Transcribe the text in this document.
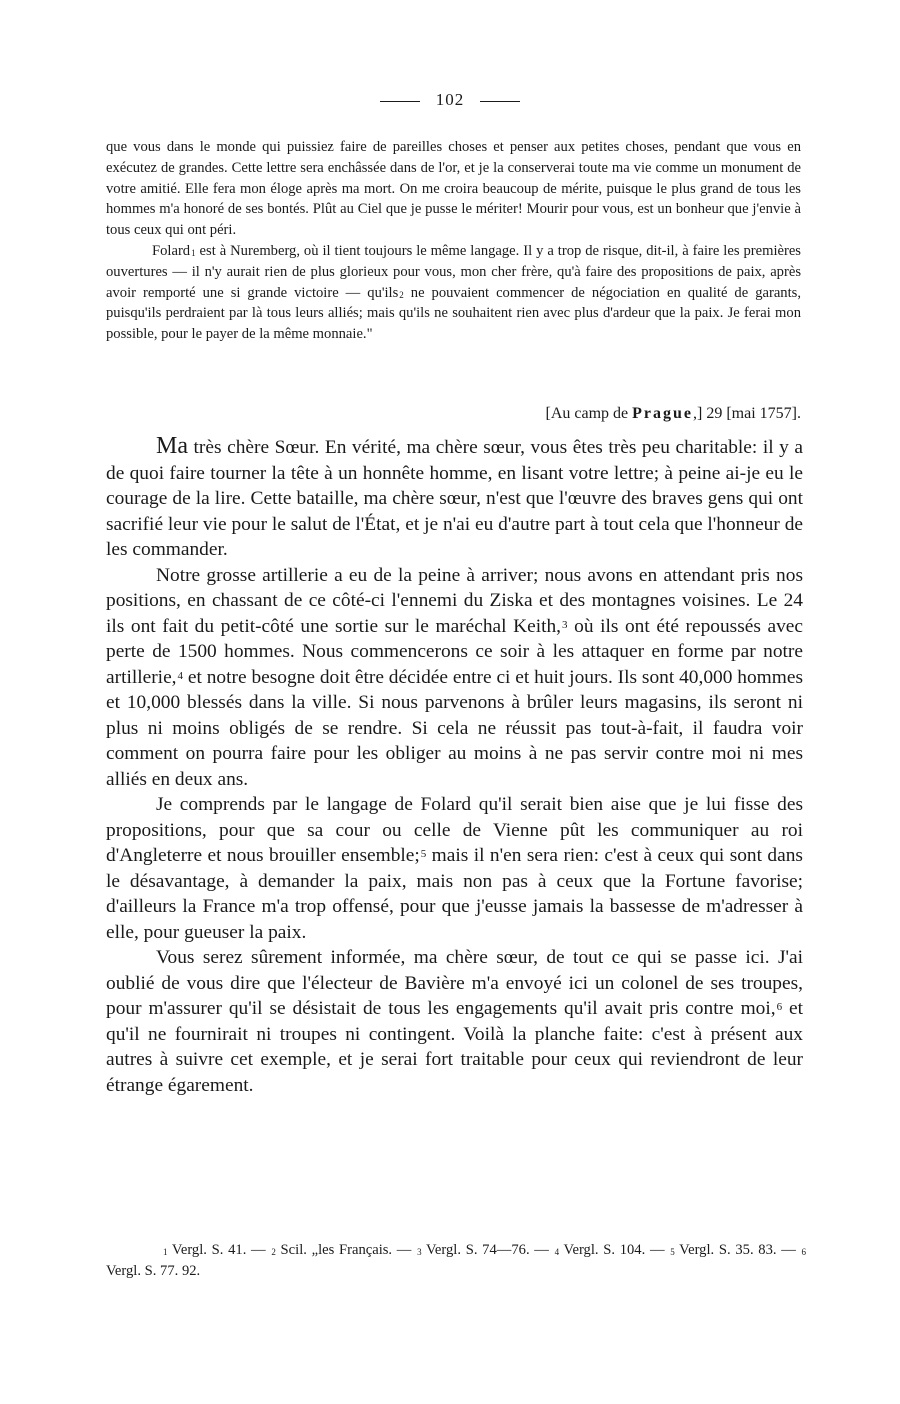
102

que vous dans le monde qui puissiez faire de pareilles choses et penser aux petites choses, pendant que vous en exécutez de grandes. Cette lettre sera enchâssée dans de l'or, et je la conserverai toute ma vie comme un monument de votre amitié. Elle fera mon éloge après ma mort. On me croira beaucoup de mérite, puisque le plus grand de tous les hommes m'a honoré de ses bontés. Plût au Ciel que je pusse le mériter! Mourir pour vous, est un bonheur que j'envie à tous ceux qui ont péri.

Folard$^1$ est à Nuremberg, où il tient toujours le même langage. Il y a trop de risque, dit-il, à faire les premières ouvertures — il n'y aurait rien de plus glorieux pour vous, mon cher frère, qu'à faire des propositions de paix, après avoir remporté une si grande victoire — qu'ils$^2$ ne pouvaient commencer de négociation en qualité de garants, puisqu'ils perdraient par là tous leurs alliés; mais qu'ils ne souhaitent rien avec plus d'ardeur que la paix. Je ferai mon possible, pour le payer de la même monnaie."

[Au camp de Prague,] 29 [mai 1757].

Ma très chère Sœur. En vérité, ma chère sœur, vous êtes très peu charitable: il y a de quoi faire tourner la tête à un honnête homme, en lisant votre lettre; à peine ai-je eu le courage de la lire. Cette bataille, ma chère sœur, n'est que l'œuvre des braves gens qui ont sacrifié leur vie pour le salut de l'État, et je n'ai eu d'autre part à tout cela que l'honneur de les commander.

Notre grosse artillerie a eu de la peine à arriver; nous avons en attendant pris nos positions, en chassant de ce côté-ci l'ennemi du Ziska et des montagnes voisines. Le 24 ils ont fait du petit-côté une sortie sur le maréchal Keith,$^3$ où ils ont été repoussés avec perte de 1500 hommes. Nous commencerons ce soir à les attaquer en forme par notre artillerie,$^4$ et notre besogne doit être décidée entre ci et huit jours. Ils sont 40,000 hommes et 10,000 blessés dans la ville. Si nous parvenons à brûler leurs magasins, ils seront ni plus ni moins obligés de se rendre. Si cela ne réussit pas tout-à-fait, il faudra voir comment on pourra faire pour les obliger au moins à ne pas servir contre moi ni mes alliés en deux ans.

Je comprends par le langage de Folard qu'il serait bien aise que je lui fisse des propositions, pour que sa cour ou celle de Vienne pût les communiquer au roi d'Angleterre et nous brouiller ensemble;$^5$ mais il n'en sera rien: c'est à ceux qui sont dans le désavantage, à demander la paix, mais non pas à ceux que la Fortune favorise; d'ailleurs la France m'a trop offensé, pour que j'eusse jamais la bassesse de m'adresser à elle, pour gueuser la paix.

Vous serez sûrement informée, ma chère sœur, de tout ce qui se passe ici. J'ai oublié de vous dire que l'électeur de Bavière m'a envoyé ici un colonel de ses troupes, pour m'assurer qu'il se désistait de tous les engagements qu'il avait pris contre moi,$^6$ et qu'il ne fournirait ni troupes ni contingent. Voilà la planche faite: c'est à présent aux autres à suivre cet exemple, et je serai fort traitable pour ceux qui reviendront de leur étrange égarement.

$^1$ Vergl. S. 41. — $^2$ Scil. „les Français. — $^3$ Vergl. S. 74—76. — $^4$ Vergl. S. 104. — $^5$ Vergl. S. 35. 83. — $^6$ Vergl. S. 77. 92.
